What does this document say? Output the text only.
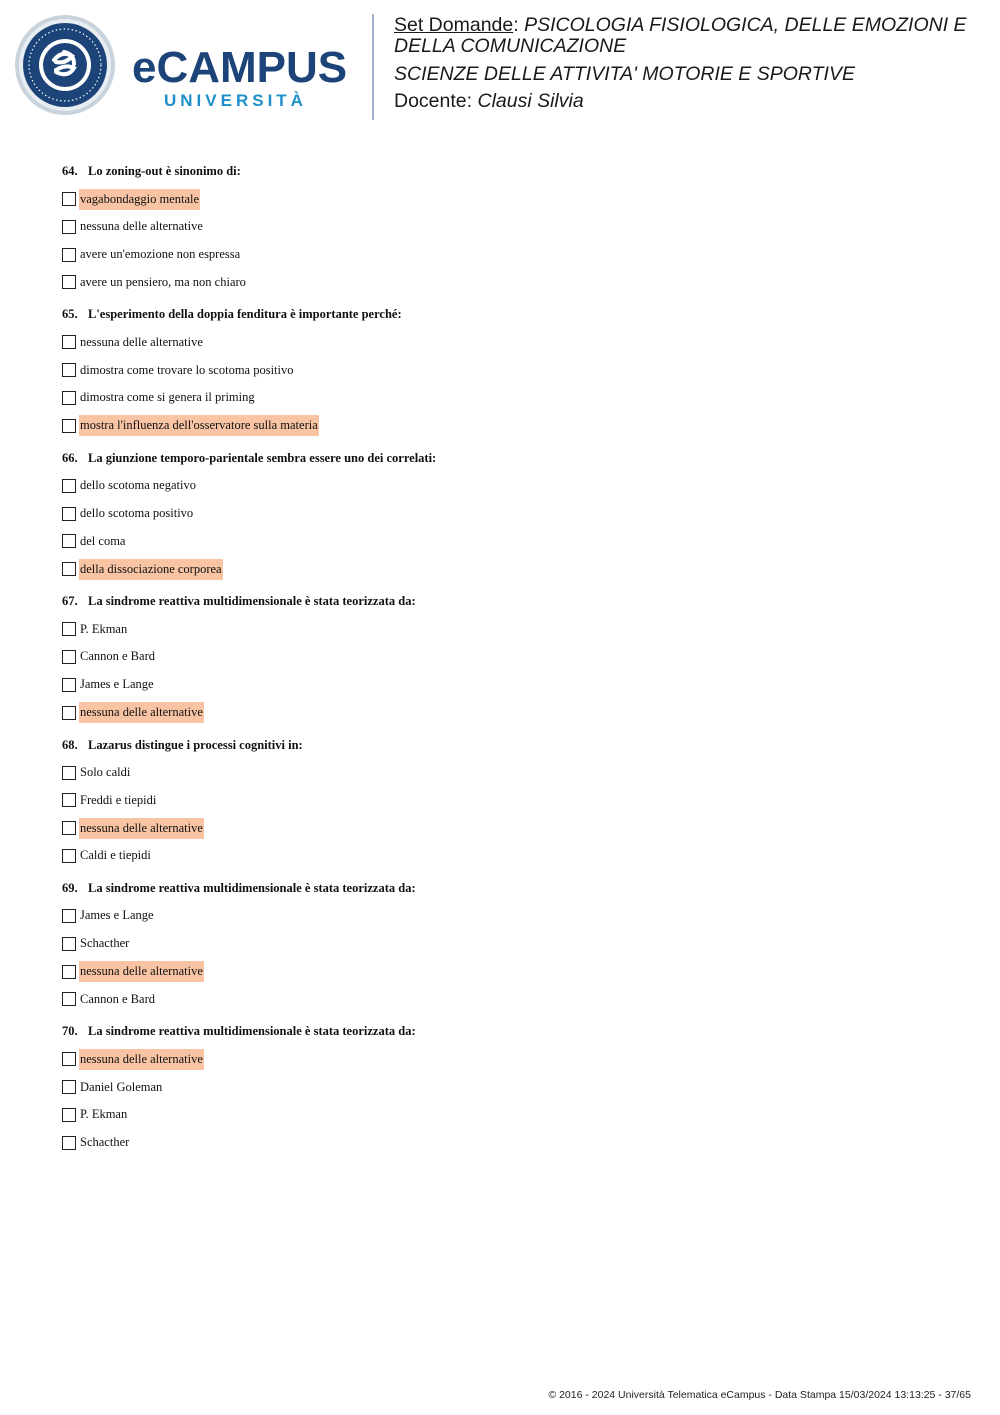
eCAMPUS
UNIVERSITÀ
Set Domande: PSICOLOGIA FISIOLOGICA, DELLE EMOZIONI E DELLA COMUNICAZIONE
SCIENZE DELLE ATTIVITA' MOTORIE E SPORTIVE
Docente: Clausi Silvia
64. Lo zoning-out è sinonimo di:
vagabondaggio mentale
nessuna delle alternative
avere un'emozione non espressa
avere un pensiero, ma non chiaro
65. L'esperimento della doppia fenditura è importante perché:
nessuna delle alternative
dimostra come trovare lo scotoma positivo
dimostra come si genera il priming
mostra l'influenza dell'osservatore sulla materia
66. La giunzione temporo-parientale sembra essere uno dei correlati:
dello scotoma negativo
dello scotoma positivo
del coma
della dissociazione corporea
67. La sindrome reattiva multidimensionale è stata teorizzata da:
P. Ekman
Cannon e Bard
James e Lange
nessuna delle alternative
68. Lazarus distingue i processi cognitivi in:
Solo caldi
Freddi e tiepidi
nessuna delle alternative
Caldi e tiepidi
69. La sindrome reattiva multidimensionale è stata teorizzata da:
James e Lange
Schacther
nessuna delle alternative
Cannon e Bard
70. La sindrome reattiva multidimensionale è stata teorizzata da:
nessuna delle alternative
Daniel Goleman
P. Ekman
Schacther
© 2016 - 2024 Università Telematica eCampus - Data Stampa 15/03/2024 13:13:25 - 37/65
